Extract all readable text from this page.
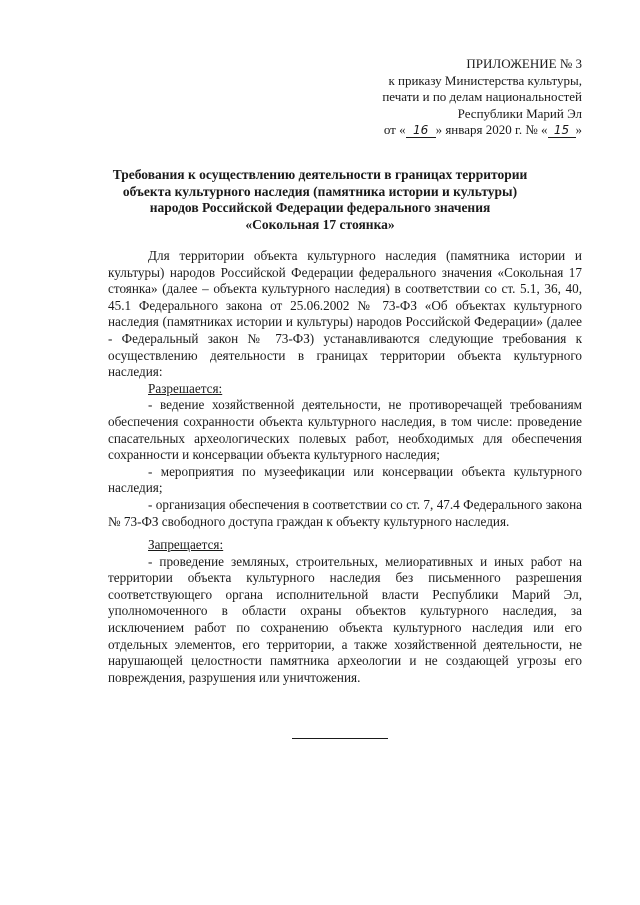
ПРИЛОЖЕНИЕ № 3
к приказу Министерства культуры,
печати и по делам национальностей
Республики Марий Эл
от « 16 » января 2020 г. № « 15 »
Требования к осуществлению деятельности в границах территории
объекта культурного наследия (памятника истории и культуры)
народов Российской Федерации федерального значения
«Сокольная 17 стоянка»

Для территории объекта культурного наследия (памятника истории и культуры) народов Российской Федерации федерального значения «Сокольная 17 стоянка» (далее – объекта культурного наследия) в соответствии со ст. 5.1, 36, 40, 45.1 Федерального закона от 25.06.2002 № 73-ФЗ «Об объектах культурного наследия (памятниках истории и культуры) народов Российской Федерации» (далее - Федеральный закон № 73-ФЗ) устанавливаются следующие требования к осуществлению деятельности в границах территории объекта культурного наследия:

Разрешается:

- ведение хозяйственной деятельности, не противоречащей требованиям обеспечения сохранности объекта культурного наследия, в том числе: проведение спасательных археологических полевых работ, необходимых для обеспечения сохранности и консервации объекта культурного наследия;

- мероприятия по музеефикации или консервации объекта культурного наследия;

- организация обеспечения в соответствии со ст. 7, 47.4 Федерального закона № 73-ФЗ свободного доступа граждан к объекту культурного наследия.

Запрещается:

- проведение земляных, строительных, мелиоративных и иных работ на территории объекта культурного наследия без письменного разрешения соответствующего органа исполнительной власти Республики Марий Эл, уполномоченного в области охраны объектов культурного наследия, за исключением работ по сохранению объекта культурного наследия или его отдельных элементов, его территории, а также хозяйственной деятельности, не нарушающей целостности памятника археологии и не создающей угрозы его повреждения, разрушения или уничтожения.
